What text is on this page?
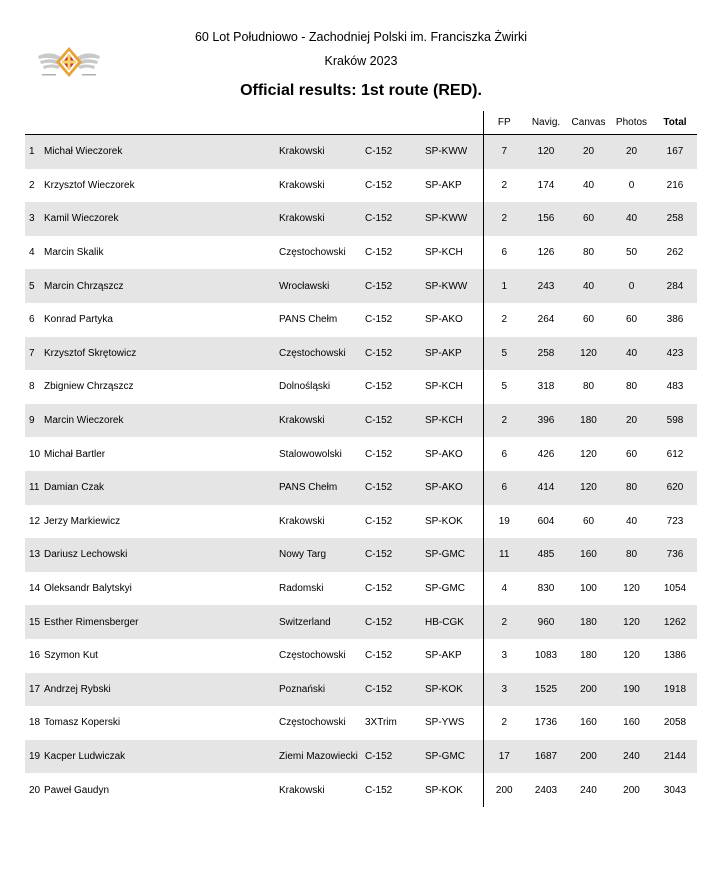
60 Lot Południowo - Zachodniej Polski im. Franciszka Żwirki
Kraków 2023
Official results: 1st route (RED).
					FP	Navig.	Canvas	Photos	Total
1	Michał Wieczorek	Krakowski	C-152	SP-KWW	7	120	20	20	167
2	Krzysztof Wieczorek	Krakowski	C-152	SP-AKP	2	174	40	0	216
3	Kamil Wieczorek	Krakowski	C-152	SP-KWW	2	156	60	40	258
4	Marcin Skalik	Częstochowski	C-152	SP-KCH	6	126	80	50	262
5	Marcin Chrząszcz	Wrocławski	C-152	SP-KWW	1	243	40	0	284
6	Konrad Partyka	PANS Chełm	C-152	SP-AKO	2	264	60	60	386
7	Krzysztof Skrętowicz	Częstochowski	C-152	SP-AKP	5	258	120	40	423
8	Zbigniew Chrząszcz	Dolnośląski	C-152	SP-KCH	5	318	80	80	483
9	Marcin Wieczorek	Krakowski	C-152	SP-KCH	2	396	180	20	598
10	Michał Bartler	Stalowowolski	C-152	SP-AKO	6	426	120	60	612
11	Damian Czak	PANS Chełm	C-152	SP-AKO	6	414	120	80	620
12	Jerzy Markiewicz	Krakowski	C-152	SP-KOK	19	604	60	40	723
13	Dariusz Lechowski	Nowy Targ	C-152	SP-GMC	11	485	160	80	736
14	Oleksandr Balytskyi	Radomski	C-152	SP-GMC	4	830	100	120	1054
15	Esther Rimensberger	Switzerland	C-152	HB-CGK	2	960	180	120	1262
16	Szymon Kut	Częstochowski	C-152	SP-AKP	3	1083	180	120	1386
17	Andrzej Rybski	Poznański	C-152	SP-KOK	3	1525	200	190	1918
18	Tomasz Koperski	Częstochowski	3XTrim	SP-YWS	2	1736	160	160	2058
19	Kacper Ludwiczak	Ziemi Mazowiecki	C-152	SP-GMC	17	1687	200	240	2144
20	Paweł Gaudyn	Krakowski	C-152	SP-KOK	200	2403	240	200	3043
